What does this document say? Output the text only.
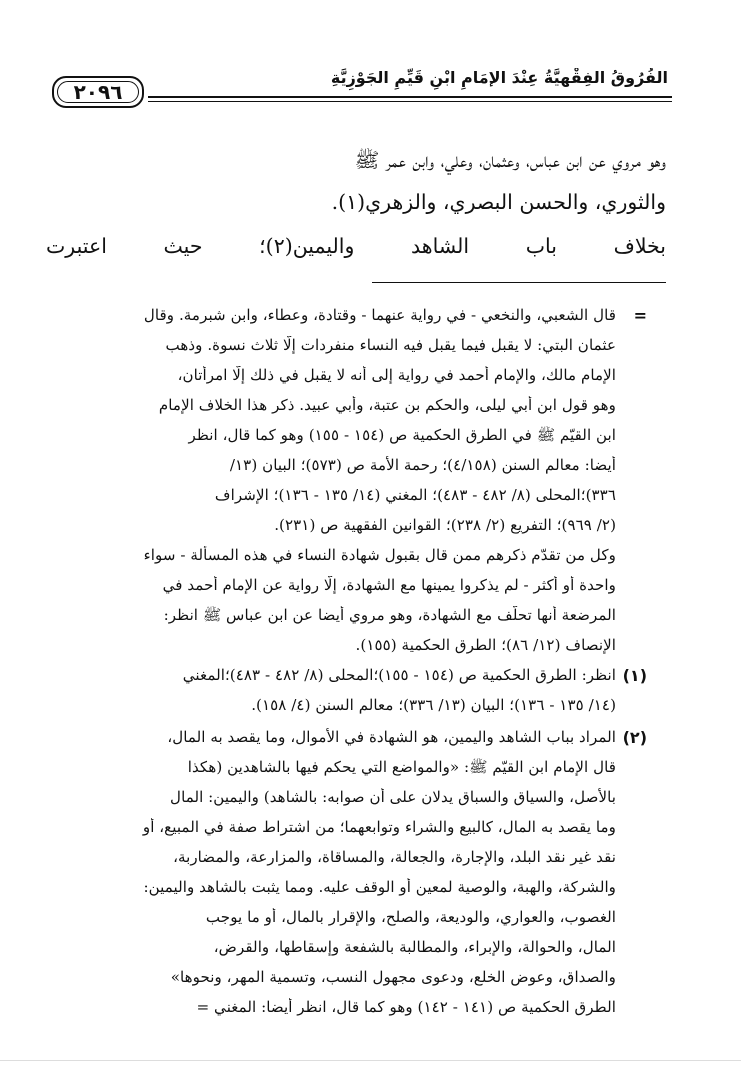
الفُرُوقُ الفِقْهيَّةُ عِنْدَ الإمَامِ ابْنِ قَيِّمِ الجَوْزِيَّةِ
٢٠٩٦
وهو مروي عن ابن عباس، وعثمان، وعلي، وابن عمر ﷺ
والثوري، والحسن البصري، والزهري(١).
بخلاف باب الشاهد واليمين(٢)؛ حيث اعتبرت
=
قال الشعبي، والنخعي - في رواية عنهما - وقتادة، وعطاء، وابن شبرمة. وقال
عثمان البتي: لا يقبل فيما يقبل فيه النساء منفردات إلّا ثلاث نسوة. وذهب
الإمام مالك، والإمام أحمد في رواية إلى أنه لا يقبل في ذلك إلّا امرأتان،
وهو قول ابن أبي ليلى، والحكم بن عتبة، وأبي عبيد. ذكر هذا الخلاف الإمام
ابن القيّم ﷺ في الطرق الحكمية ص (١٥٤ - ١٥٥) وهو كما قال، انظر
أيضا: معالم السنن (٤/١٥٨)؛ رحمة الأمة ص (٥٧٣)؛ البيان (١٣/
٣٣٦)؛المحلى (٨/ ٤٨٢ - ٤٨٣)؛ المغني (١٤/ ١٣٥ - ١٣٦)؛ الإشراف
(٢/ ٩٦٩)؛ التفريع (٢/ ٢٣٨)؛ القوانين الفقهية ص (٢٣١).
وكل من تقدّم ذكرهم ممن قال بقبول شهادة النساء في هذه المسألة - سواء
واحدة أو أكثر - لم يذكروا يمينها مع الشهادة، إلّا رواية عن الإمام أحمد في
المرضعة أنها تحلّف مع الشهادة، وهو مروي أيضا عن ابن عباس ﷺ انظر:
الإنصاف (١٢/ ٨٦)؛ الطرق الحكمية (١٥٥).
(١)
انظر: الطرق الحكمية ص (١٥٤ - ١٥٥)؛المحلى (٨/ ٤٨٢ - ٤٨٣)؛المغني
(١٤/ ١٣٥ - ١٣٦)؛ البيان (١٣/ ٣٣٦)؛ معالم السنن (٤/ ١٥٨).
(٢)
المراد بباب الشاهد واليمين، هو الشهادة في الأموال، وما يقصد به المال،
قال الإمام ابن القيّم ﷺ: «والمواضع التي يحكم فيها بالشاهدين (هكذا
بالأصل، والسياق والسباق يدلان على أن صوابه: بالشاهد) واليمين: المال
وما يقصد به المال، كالبيع والشراء وتوابعهما؛ من اشتراط صفة في المبيع، أو
نقد غير نقد البلد، والإجارة، والجعالة، والمساقاة، والمزارعة، والمضاربة،
والشركة، والهبة، والوصية لمعين أو الوقف عليه. ومما يثبت بالشاهد واليمين:
الغصوب، والعواري، والوديعة، والصلح، والإقرار بالمال، أو ما يوجب
المال، والحوالة، والإبراء، والمطالبة بالشفعة وإسقاطها، والقرض،
والصداق، وعوض الخلع، ودعوى مجهول النسب، وتسمية المهر، ونحوها»
الطرق الحكمية ص (١٤١ - ١٤٢) وهو كما قال، انظر أيضا: المغني =
